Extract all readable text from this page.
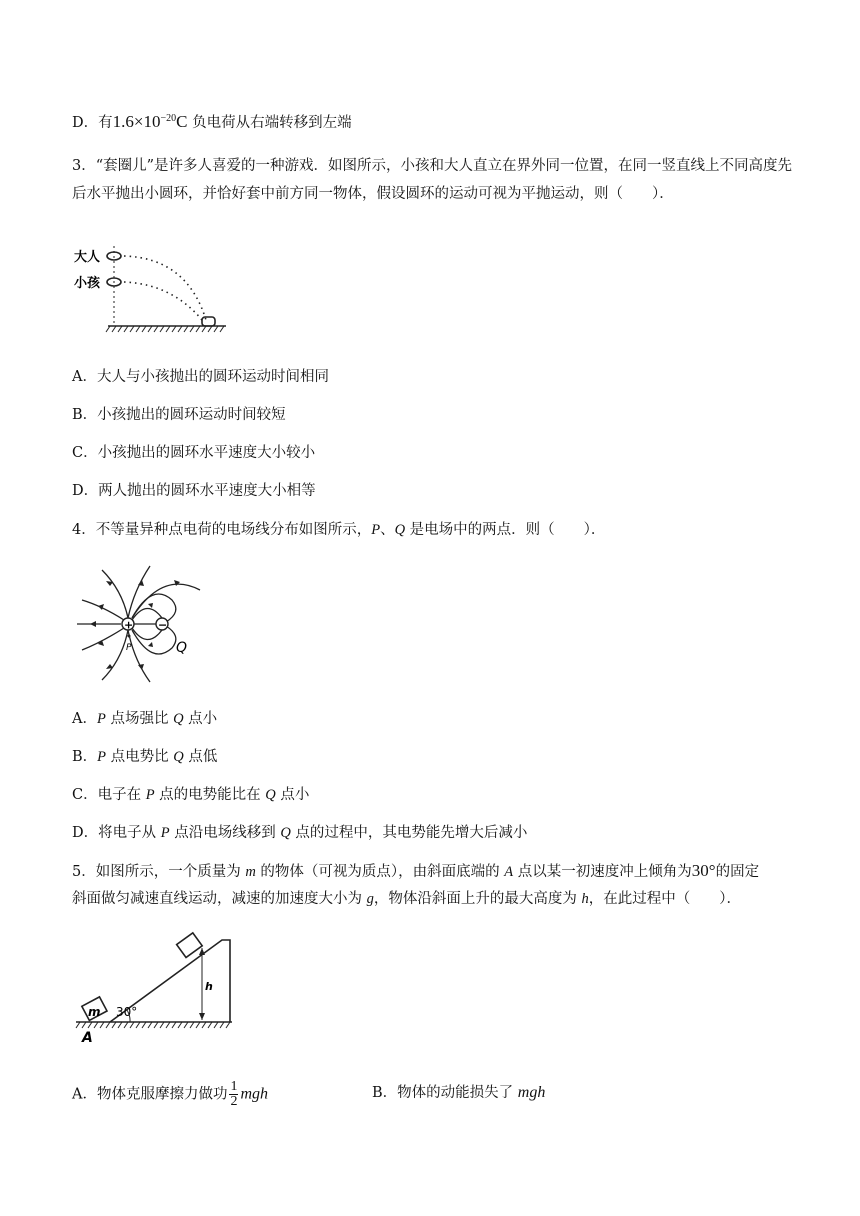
D．有$1.6\times 10^{-20}C$ 负电荷从右端转移到左端
3．“套圈儿”是许多人喜爱的一种游戏．如图所示，小孩和大人直立在界外同一位置，在同一竖直线上不同高度先后水平抛出小圆环，并恰好套中前方同一物体，假设圆环的运动可视为平抛运动，则（　　）．
大人
小孩
A．大人与小孩抛出的圆环运动时间相同
B．小孩抛出的圆环运动时间较短
C．小孩抛出的圆环水平速度大小较小
D．两人抛出的圆环水平速度大小相等
4．不等量异种点电荷的电场线分布如图所示，P、Q 是电场中的两点．则（　　）．
+ −
P	Q
A．P 点场强比 Q 点小
B．P 点电势比 Q 点低
C．电子在 P 点的电势能比在 Q 点小
D．将电子从 P 点沿电场线移到 Q 点的过程中，其电势能先增大后减小
5．如图所示，一个质量为 m 的物体（可视为质点），由斜面底端的 A 点以某一初速度冲上倾角为30°的固定
斜面做匀减速直线运动，减速的加速度大小为 g，物体沿斜面上升的最大高度为 h，在此过程中（　　）．
m 30°
h
A
A．物体克服摩擦力做功 $\frac{1}{2}$ mgh	B．物体的动能损失了 mgh
